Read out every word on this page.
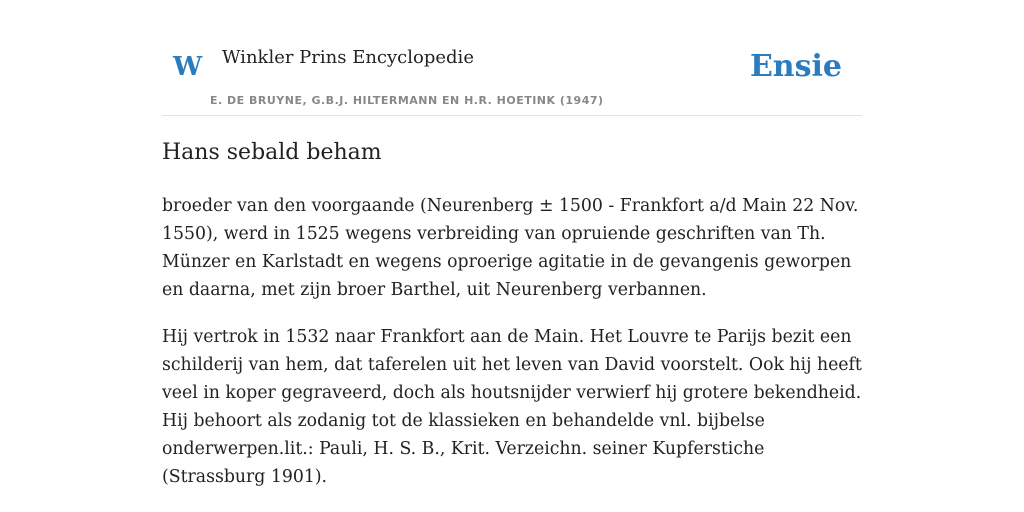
W Winkler Prins Encyclopedie
E. DE BRUYNE, G.B.J. HILTERMANN EN H.R. HOETINK (1947)
Ensie
Hans sebald beham

broeder van den voorgaande (Neurenberg ± 1500 - Frankfort a/d Main 22 Nov. 1550), werd in 1525 wegens verbreiding van opruiende geschriften van Th. Münzer en Karlstadt en wegens oproerige agitatie in de gevangenis geworpen en daarna, met zijn broer Barthel, uit Neurenberg verbannen.

Hij vertrok in 1532 naar Frankfort aan de Main. Het Louvre te Parijs bezit een schilderij van hem, dat taferelen uit het leven van David voorstelt. Ook hij heeft veel in koper gegraveerd, doch als houtsnijder verwierf hij grotere bekendheid. Hij behoort als zodanig tot de klassieken en behandelde vnl. bijbelse onderwerpen.lit.: Pauli, H. S. B., Krit. Verzeichn. seiner Kupferstiche (Strassburg 1901).
